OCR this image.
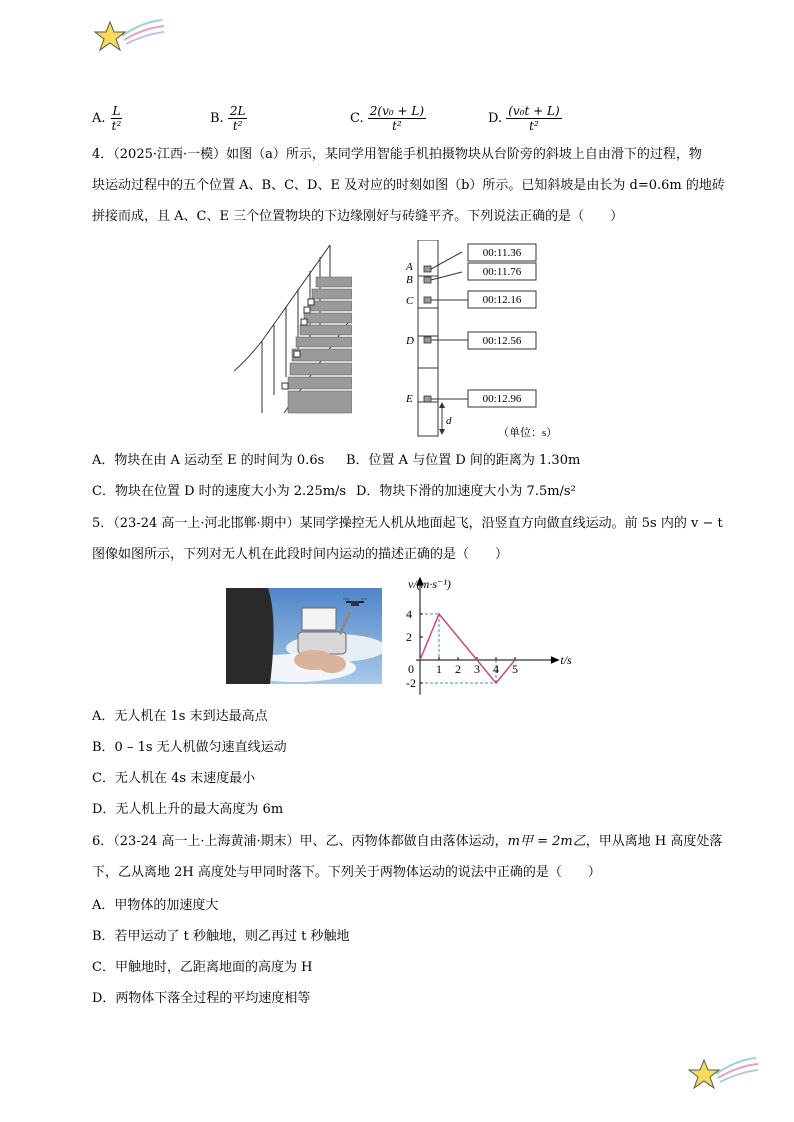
A. $\frac{L}{\text{t²}}$	B. $\frac{2L}{\text{t²}}$	C. $\frac{\text{2(v₀ + L)}}{\text{t²}}$	D. $\frac{\text{(v₀t + L)}}{\text{t²}}$
4．（2025·江西·一模）如图（a）所示，某同学用智能手机拍摄物块从台阶旁的斜坡上自由滑下的过程，物
块运动过程中的五个位置 A、B、C、D、E 及对应的时刻如图（b）所示。已知斜坡是由长为 d=0.6m 的地砖
拼接而成，且 A、C、E 三个位置物块的下边缘刚好与砖缝平齐。下列说法正确的是（　　）
00:11.36
00:11.76
00:12.16
00:12.56
00:12.96
A
B
C
D
E
d
（单位：s）
A．物块在由 A 运动至 E 的时间为 0.6s B．位置 A 与位置 D 间的距离为 1.30m
C．物块在位置 D 时的速度大小为 2.25m/s D．物块下滑的加速度大小为 7.5m/s²
5．（23-24 高一上·河北邯郸·期中）某同学操控无人机从地面起飞，沿竖直方向做直线运动。前 5s 内的 v − t
图像如图所示，下列对无人机在此段时间内运动的描述正确的是（　　）
0 1 2 3 4 5
4
2
-2
v/(m·s⁻¹)
t/s
A．无人机在 1s 末到达最高点
B．0 – 1s 无人机做匀速直线运动
C．无人机在 4s 末速度最小
D．无人机上升的最大高度为 6m
6．（23-24 高一上·上海黄浦·期末）甲、乙、丙物体都做自由落体运动，m甲 = 2m乙，甲从离地 H 高度处落
下，乙从离地 2H 高度处与甲同时落下。下列关于两物体运动的说法中正确的是（　　）
A．甲物体的加速度大
B．若甲运动了 t 秒触地，则乙再过 t 秒触地
C．甲触地时，乙距离地面的高度为 H
D．两物体下落全过程的平均速度相等
